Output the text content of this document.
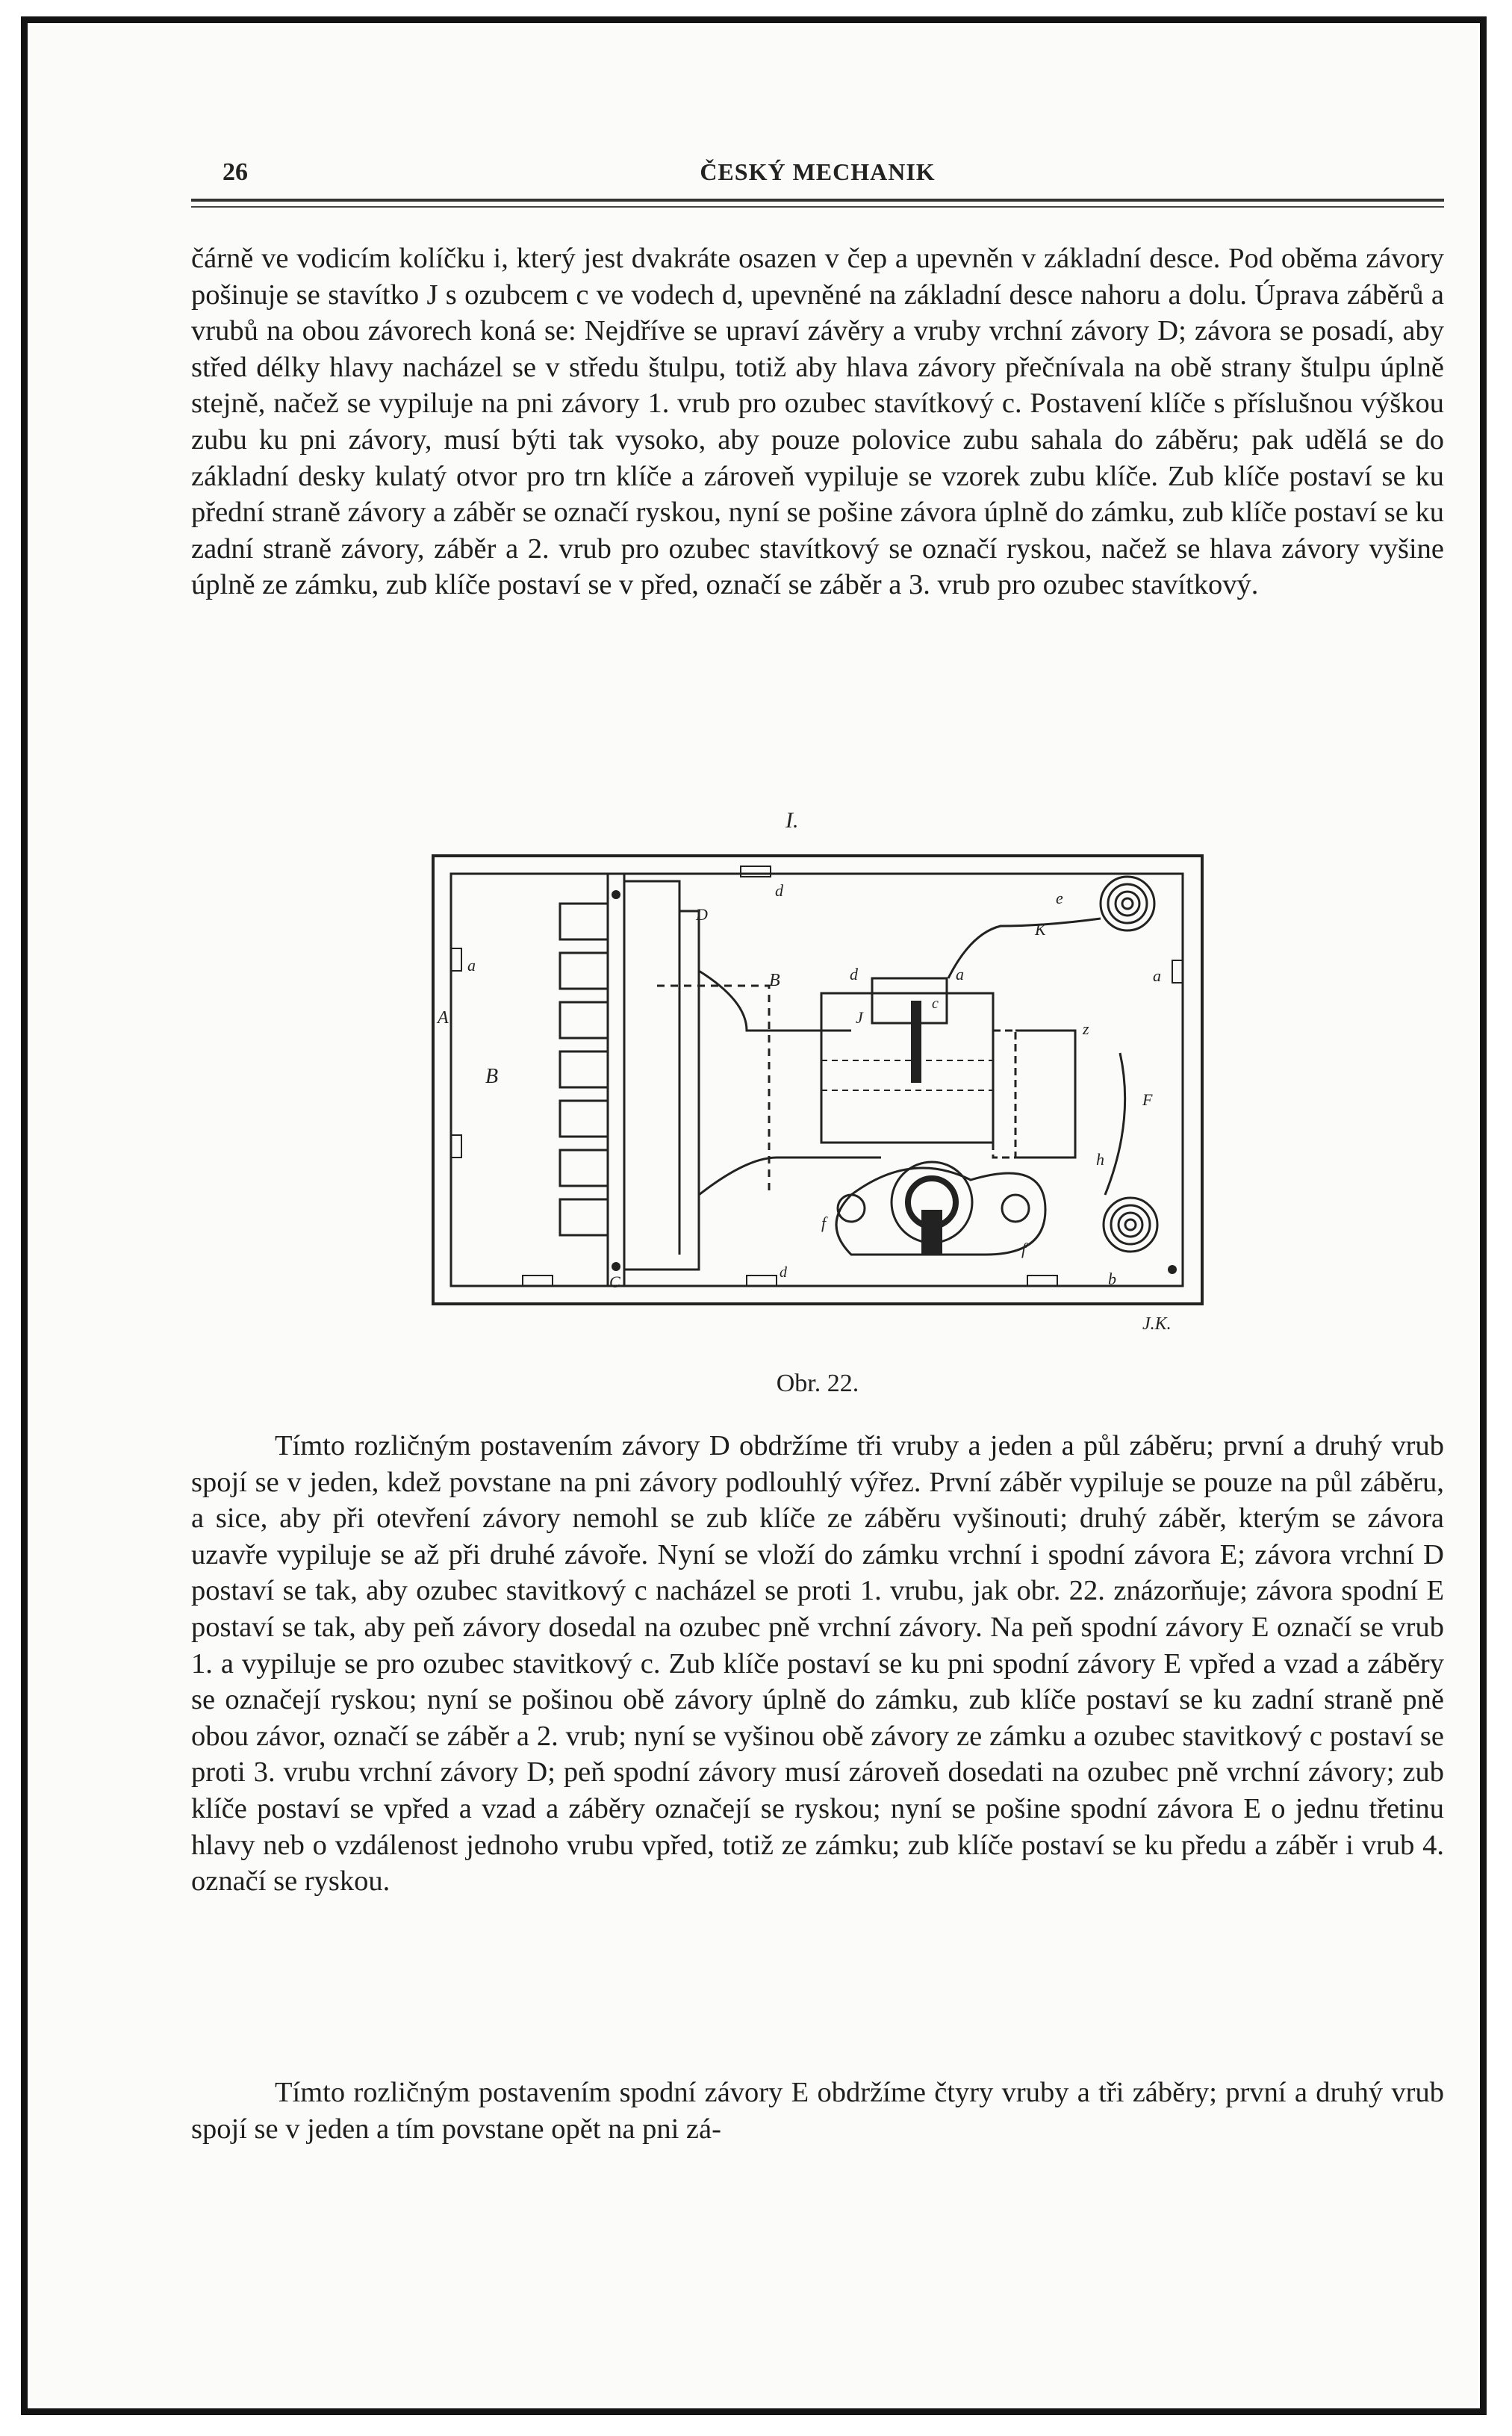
26	ČESKÝ MECHANIK

čárně ve vodicím kolíčku i, který jest dvakráte osazen v čep a upevněn v základní desce. Pod oběma závory pošinuje se stavítko J s ozubcem c ve vodech d, upevněné na základní desce nahoru a dolu. Úprava záběrů a vrubů na obou závorech koná se: Nejdříve se upraví závěry a vruby vrchní závory D; závora se posadí, aby střed délky hlavy nacházel se v středu štulpu, totiž aby hlava závory přečnívala na obě strany štulpu úplně stejně, načež se vypiluje na pni závory 1. vrub pro ozubec stavítkový c. Postavení klíče s příslušnou výškou zubu ku pni závory, musí býti tak vysoko, aby pouze polovice zubu sahala do záběru; pak udělá se do základní desky kulatý otvor pro trn klíče a zároveň vypiluje se vzorek zubu klíče. Zub klíče postaví se ku přední straně závory a záběr se označí ryskou, nyní se pošine závora úplně do zámku, zub klíče postaví se ku zadní straně závory, záběr a 2. vrub pro ozubec stavítkový se označí ryskou, načež se hlava závory vyšine úplně ze zámku, zub klíče postaví se v před, označí se záběr a 3. vrub pro ozubec stavítkový.

I.
d
a
A
B
D
B
f
J
d	a
c
z
f
e
K
F
h
b
a
C	d
J.K.
Obr. 22.

Tímto rozličným postavením závory D obdržíme tři vruby a jeden a půl záběru; první a druhý vrub spojí se v jeden, kdež povstane na pni závory podlouhlý výřez. První záběr vypiluje se pouze na půl záběru, a sice, aby při otevření závory nemohl se zub klíče ze záběru vyšinouti; druhý záběr, kterým se závora uzavře vypiluje se až při druhé závoře. Nyní se vloží do zámku vrchní i spodní závora E; závora vrchní D postaví se tak, aby ozubec stavitkový c nacházel se proti 1. vrubu, jak obr. 22. znázorňuje; závora spodní E postaví se tak, aby peň závory dosedal na ozubec pně vrchní závory. Na peň spodní závory E označí se vrub 1. a vypiluje se pro ozubec stavitkový c. Zub klíče postaví se ku pni spodní závory E vpřed a vzad a záběry se označejí ryskou; nyní se pošinou obě závory úplně do zámku, zub klíče postaví se ku zadní straně pně obou závor, označí se záběr a 2. vrub; nyní se vyšinou obě závory ze zámku a ozubec stavitkový c postaví se proti 3. vrubu vrchní závory D; peň spodní závory musí zároveň dosedati na ozubec pně vrchní závory; zub klíče postaví se vpřed a vzad a záběry označejí se ryskou; nyní se pošine spodní závora E o jednu třetinu hlavy neb o vzdálenost jednoho vrubu vpřed, totiž ze zámku; zub klíče postaví se ku předu a záběr i vrub 4. označí se ryskou.

Tímto rozličným postavením spodní závory E obdržíme čtyry vruby a tři záběry; první a druhý vrub spojí se v jeden a tím povstane opět na pni zá-
